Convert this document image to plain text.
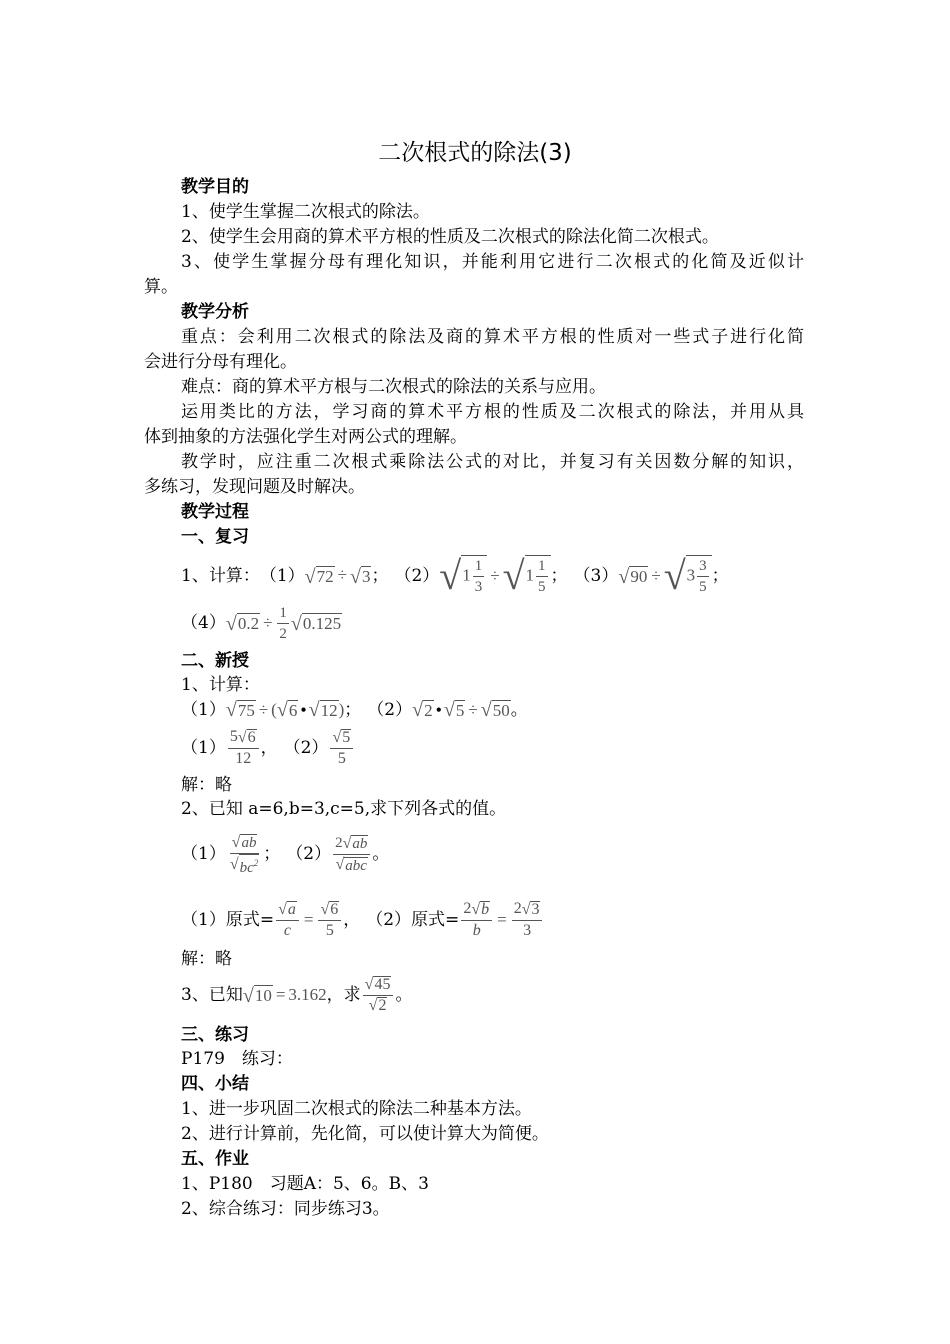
二次根式的除法(3)
教学目的
1、使学生掌握二次根式的除法。
2、使学生会用商的算术平方根的性质及二次根式的除法化简二次根式。
3、使学生掌握分母有理化知识，并能利用它进行二次根式的化简及近似计
算。
教学分析
重点：会利用二次根式的除法及商的算术平方根的性质对一些式子进行化简
会进行分母有理化。
难点：商的算术平方根与二次根式的除法的关系与应用。
运用类比的方法，学习商的算术平方根的性质及二次根式的除法，并用从具
体到抽象的方法强化学生对两公式的理解。
教学时，应注重二次根式乘除法公式的对比，并复习有关因数分解的知识，
多练习，发现问题及时解决。
教学过程
一、复习
1、计算： （1） √72 ÷ √3 ； （2） $√1 \frac{1}{3} \div √1 \frac{1}{5}$ ； （3） $√90 \div √3 \frac{3}{5}$ ；
（4） $√0.2 \div \frac{1}{2} √0.125$
二、新授
1、计算：
（1） √75 ÷ ( √6 • √12 ) ； （2） √2 • √5 ÷ √50 。
$(1) \frac{5√6}{12}$ ， $(2) \frac{√5}{5}$
解：略
2、已知 a=6,b=3,c=5,求下列各式的值。
$(1) \frac{√ab}{√bc^2}$ ； $(2) \frac{2√ab}{\text{√abc}}$ 。
（1） 原式= $\frac{√a}{c} = \frac{√6}{5}$ ， （2） 原式= $\frac{2√b}{b} = \frac{2√3}{3}$
解：略
3、已知 √10 = 3.162 ，求 $\frac{√45}{√2}$ 。
三、练习
P179　练习：
四、小结
1、进一步巩固二次根式的除法二种基本方法。
2、进行计算前，先化简，可以使计算大为简便。
五、作业
1、P180　习题A：5、6。B、3
2、综合练习：同步练习3。
